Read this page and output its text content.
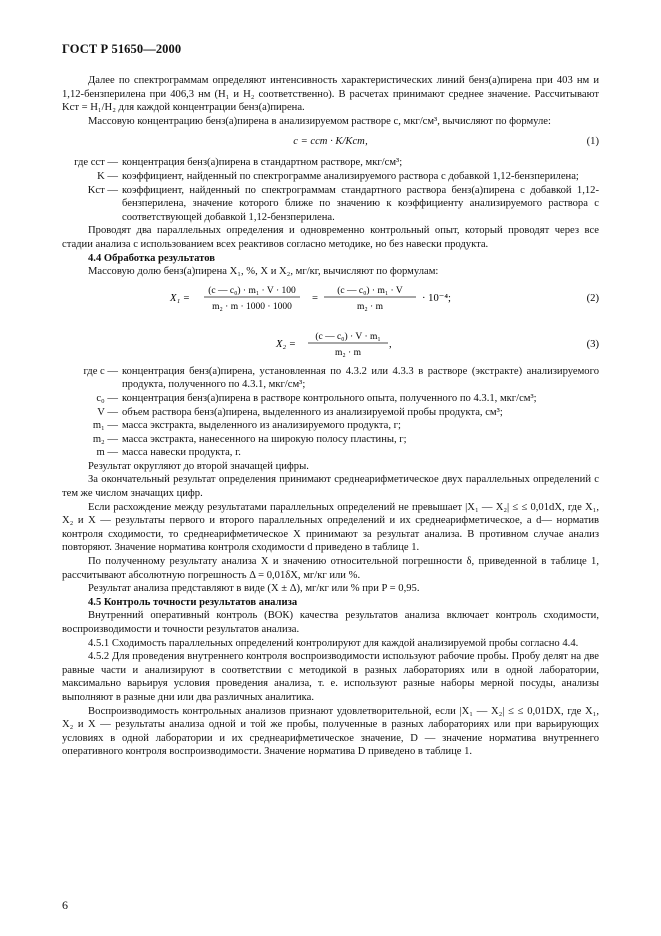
ГОСТ Р 51650—2000

Далее по спектрограммам определяют интенсивность характеристических линий бенз(а)пирена при 403 нм и 1,12-бензперилена при 406,3 нм (H₁ и H₂ соответственно). В расчетах принимают среднее значение. Рассчитывают Kст = H₁/H₂ для каждой концентрации бенз(а)пирена.

Массовую концентрацию бенз(а)пирена в анализируемом растворе c, мкг/см³, вычисляют по формуле:

c = cст · K/Kст,	(1)
где cст — концентрация бенз(а)пирена в стандартном растворе, мкг/см³;
K — коэффициент, найденный по спектрограмме анализируемого раствора с добавкой 1,12-бензперилена;
Kст — коэффициент, найденный по спектрограммам стандартного раствора бенз(а)пирена с добавкой 1,12-бензперилена, значение которого ближе по значению к коэффициенту анализируемого раствора с соответствующей добавкой 1,12-бензперилена.

Проводят два параллельных определения и одновременно контрольный опыт, который проводят через все стадии анализа с использованием всех реактивов согласно методике, но без навески продукта.

4.4 Обработка результатов

Массовую долю бенз(а)пирена X₁, %, X и X₂, мг/кг, вычисляют по формулам:

X₁ =
(c — c₀) · m₁ · V · 100
m₂ · m · 1000 · 1000
=
(c — c₀) · m₁ · V
m₂ · m
· 10⁻⁴;	(2)
X₂ =
(c — c₀) · V · m₁
m₂ · m
,	(3)
где c — концентрация бенз(а)пирена, установленная по 4.3.2 или 4.3.3 в растворе (экстракте) анализируемого продукта, полученного по 4.3.1, мкг/см³;
c₀ — концентрация бенз(а)пирена в растворе контрольного опыта, полученного по 4.3.1, мкг/см³;
V — объем раствора бенз(а)пирена, выделенного из анализируемой пробы продукта, см³;
m₁ — масса экстракта, выделенного из анализируемого продукта, г;
m₂ — масса экстракта, нанесенного на широкую полосу пластины, г;
m — масса навески продукта, г.

Результат округляют до второй значащей цифры.

За окончательный результат определения принимают среднеарифметическое двух параллельных определений с тем же числом значащих цифр.

Если расхождение между результатами параллельных определений не превышает |X₁ — X₂| ≤ ≤ 0,01dX, где X₁, X₂ и X — результаты первого и второго параллельных определений и их среднеарифметическое, а d— норматив контроля сходимости, то среднеарифметическое X принимают за результат анализа. В противном случае анализ повторяют. Значение норматива контроля сходимости d приведено в таблице 1.

По полученному результату анализа X и значению относительной погрешности δ, приведенной в таблице 1, рассчитывают абсолютную погрешность Δ = 0,01δX, мг/кг или %.

Результат анализа представляют в виде (X ± Δ), мг/кг или % при P = 0,95.

4.5 Контроль точности результатов анализа

Внутренний оперативный контроль (ВОК) качества результатов анализа включает контроль сходимости, воспроизводимости и точности результатов анализа.

4.5.1 Сходимость параллельных определений контролируют для каждой анализируемой пробы согласно 4.4.

4.5.2 Для проведения внутреннего контроля воспроизводимости используют рабочие пробы. Пробу делят на две равные части и анализируют в соответствии с методикой в разных лабораториях или в одной лаборатории, максимально варьируя условия проведения анализа, т. е. используют разные наборы мерной посуды, анализы выполняют в разные дни или два различных аналитика.

Воспроизводимость контрольных анализов признают удовлетворительной, если |X₁ — X₂| ≤ ≤ 0,01DX, где X₁, X₂ и X — результаты анализа одной и той же пробы, полученные в разных лабораториях или при варьирующих условиях в одной лаборатории и их среднеарифметическое значение, D — значение норматива внутреннего оперативного контроля воспроизводимости. Значение норматива D приведено в таблице 1.

6
